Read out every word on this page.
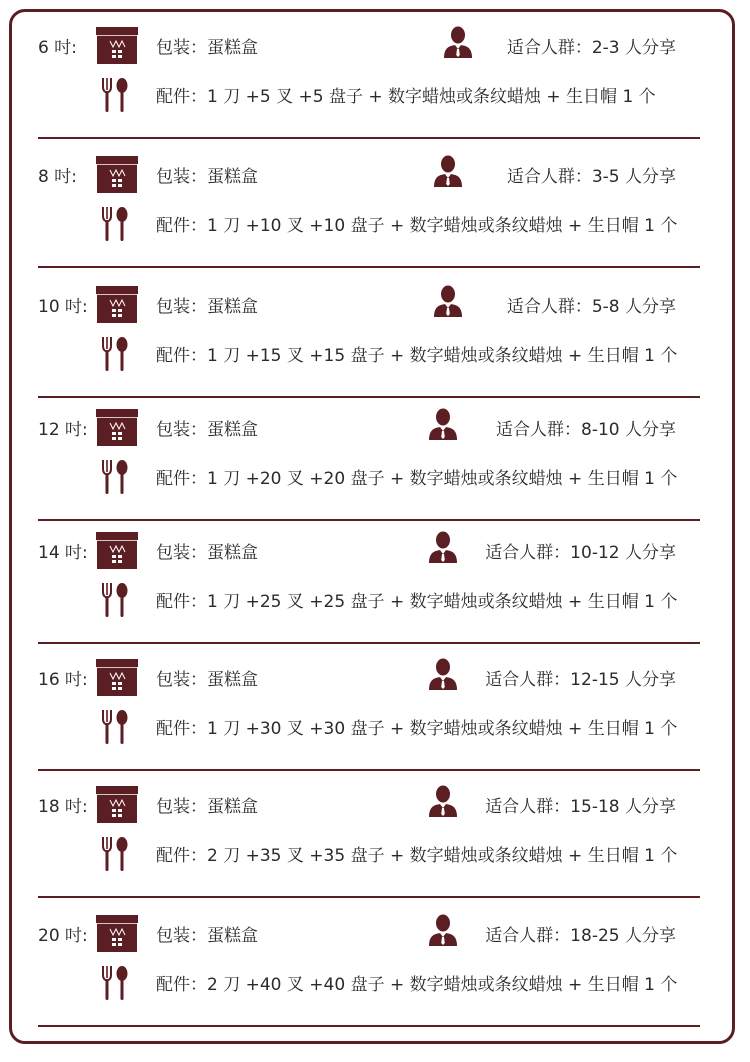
6 吋:	包装：蛋糕盒	适合人群：2-3 人分享
配件：1 刀 +5 叉 +5 盘子 + 数字蜡烛或条纹蜡烛 + 生日帽 1 个
8 吋:	包装：蛋糕盒	适合人群：3-5 人分享
配件：1 刀 +10 叉 +10 盘子 + 数字蜡烛或条纹蜡烛 + 生日帽 1 个
10 吋:	包装：蛋糕盒	适合人群：5-8 人分享
配件：1 刀 +15 叉 +15 盘子 + 数字蜡烛或条纹蜡烛 + 生日帽 1 个
12 吋:	包装：蛋糕盒	适合人群：8-10 人分享
配件：1 刀 +20 叉 +20 盘子 + 数字蜡烛或条纹蜡烛 + 生日帽 1 个
14 吋:	包装：蛋糕盒	适合人群：10-12 人分享
配件：1 刀 +25 叉 +25 盘子 + 数字蜡烛或条纹蜡烛 + 生日帽 1 个
16 吋:	包装：蛋糕盒	适合人群：12-15 人分享
配件：1 刀 +30 叉 +30 盘子 + 数字蜡烛或条纹蜡烛 + 生日帽 1 个
18 吋:	包装：蛋糕盒	适合人群：15-18 人分享
配件：2 刀 +35 叉 +35 盘子 + 数字蜡烛或条纹蜡烛 + 生日帽 1 个
20 吋:	包装：蛋糕盒	适合人群：18-25 人分享
配件：2 刀 +40 叉 +40 盘子 + 数字蜡烛或条纹蜡烛 + 生日帽 1 个
